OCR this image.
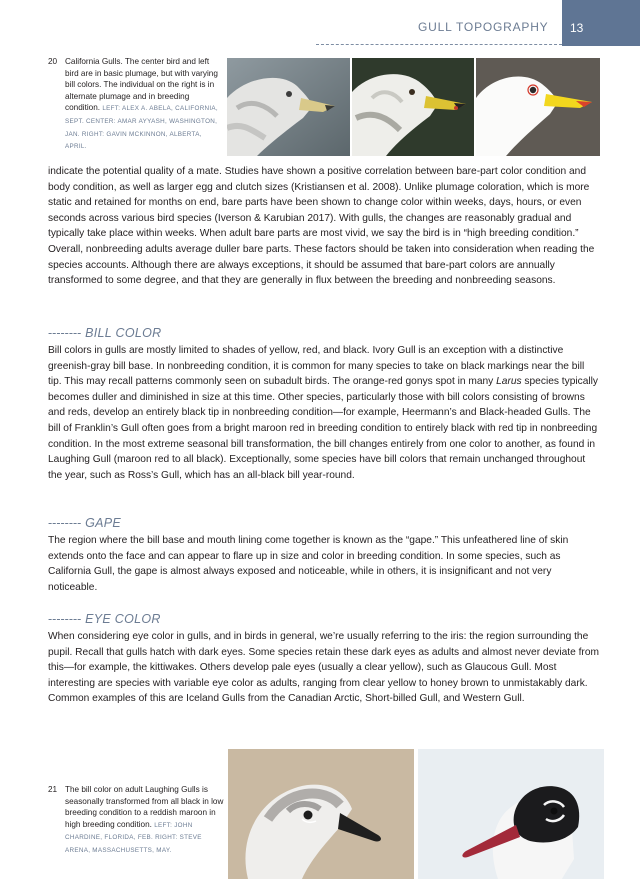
GULL TOPOGRAPHY 13
20 California Gulls. The center bird and left bird are in basic plumage, but with varying bill colors. The individual on the right is in alternate plumage and in breeding condition. LEFT: ALEX A. ABELA, CALIFORNIA, SEPT. CENTER: AMAR AYYASH, WASHINGTON, JAN. RIGHT: GAVIN MCKINNON, ALBERTA, APRIL.

indicate the potential quality of a mate. Studies have shown a positive correlation between bare-part color condition and body condition, as well as larger egg and clutch sizes (Kristiansen et al. 2008). Unlike plumage coloration, which is more static and retained for months on end, bare parts have been shown to change color within weeks, days, hours, or even seconds across various bird species (Iverson & Karubian 2017). With gulls, the changes are reasonably gradual and typically take place within weeks. When adult bare parts are most vivid, we say the bird is in “high breeding condition.” Overall, nonbreeding adults average duller bare parts. These factors should be taken into consideration when reading the species accounts. Although there are always exceptions, it should be assumed that bare-part colors are annually transformed to some degree, and that they are generally in flux between the breeding and nonbreeding seasons.

-------- BILL COLOR

Bill colors in gulls are mostly limited to shades of yellow, red, and black. Ivory Gull is an exception with a distinctive greenish-gray bill base. In nonbreeding condition, it is common for many species to take on black markings near the bill tip. This may recall patterns commonly seen on subadult birds. The orange-red gonys spot in many Larus species typically becomes duller and diminished in size at this time. Other species, particularly those with bill colors consisting of browns and reds, develop an entirely black tip in nonbreeding condition—for example, Heermann’s and Black-headed Gulls. The bill of Franklin’s Gull often goes from a bright maroon red in breeding condition to entirely black with red tip in nonbreeding condition. In the most extreme seasonal bill transformation, the bill changes entirely from one color to another, as found in Laughing Gull (maroon red to all black). Exceptionally, some species have bill colors that remain unchanged throughout the year, such as Ross’s Gull, which has an all-black bill year-round.

-------- GAPE

The region where the bill base and mouth lining come together is known as the “gape.” This unfeathered line of skin extends onto the face and can appear to flare up in size and color in breeding condition. In some species, such as California Gull, the gape is almost always exposed and noticeable, while in others, it is insignificant and not very noticeable.

-------- EYE COLOR

When considering eye color in gulls, and in birds in general, we’re usually referring to the iris: the region surrounding the pupil. Recall that gulls hatch with dark eyes. Some species retain these dark eyes as adults and almost never deviate from this—for example, the kittiwakes. Others develop pale eyes (usually a clear yellow), such as Glaucous Gull. Most interesting are species with variable eye color as adults, ranging from clear yellow to honey brown to unmistakably dark. Common examples of this are Iceland Gulls from the Canadian Arctic, Short-billed Gull, and Western Gull.

21 The bill color on adult Laughing Gulls is seasonally transformed from all black in low breeding condition to a reddish maroon in high breeding condition. LEFT: JOHN CHARDINE, FLORIDA, FEB. RIGHT: STEVE ARENA, MASSACHUSETTS, MAY.
